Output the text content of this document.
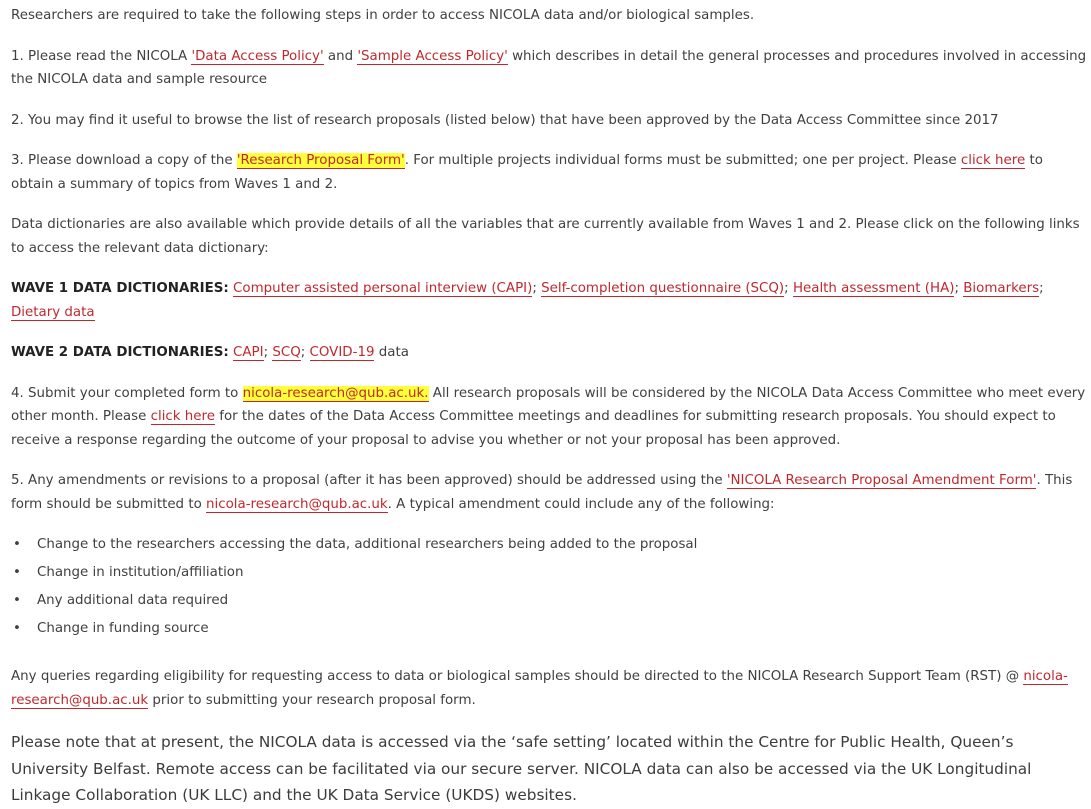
Researchers are required to take the following steps in order to access NICOLA data and/or biological samples.

1. Please read the NICOLA 'Data Access Policy' and 'Sample Access Policy' which describes in detail the general processes and procedures involved in accessing the NICOLA data and sample resource

2. You may find it useful to browse the list of research proposals (listed below) that have been approved by the Data Access Committee since 2017

3. Please download a copy of the 'Research Proposal Form'. For multiple projects individual forms must be submitted; one per project. Please click here to obtain a summary of topics from Waves 1 and 2.

Data dictionaries are also available which provide details of all the variables that are currently available from Waves 1 and 2. Please click on the following links to access the relevant data dictionary:

WAVE 1 DATA DICTIONARIES: Computer assisted personal interview (CAPI); Self-completion questionnaire (SCQ); Health assessment (HA); Biomarkers; Dietary data

WAVE 2 DATA DICTIONARIES: CAPI; SCQ; COVID-19 data

4. Submit your completed form to nicola-research@qub.ac.uk. All research proposals will be considered by the NICOLA Data Access Committee who meet every other month. Please click here for the dates of the Data Access Committee meetings and deadlines for submitting research proposals. You should expect to receive a response regarding the outcome of your proposal to advise you whether or not your proposal has been approved.

5. Any amendments or revisions to a proposal (after it has been approved) should be addressed using the 'NICOLA Research Proposal Amendment Form'. This form should be submitted to nicola-research@qub.ac.uk. A typical amendment could include any of the following:

• Change to the researchers accessing the data, additional researchers being added to the proposal
• Change in institution/affiliation
• Any additional data required
• Change in funding source

Any queries regarding eligibility for requesting access to data or biological samples should be directed to the NICOLA Research Support Team (RST) @ nicola-research@qub.ac.uk prior to submitting your research proposal form.

Please note that at present, the NICOLA data is accessed via the ‘safe setting’ located within the Centre for Public Health, Queen’s University Belfast. Remote access can be facilitated via our secure server. NICOLA data can also be accessed via the UK Longitudinal Linkage Collaboration (UK LLC) and the UK Data Service (UKDS) websites.
